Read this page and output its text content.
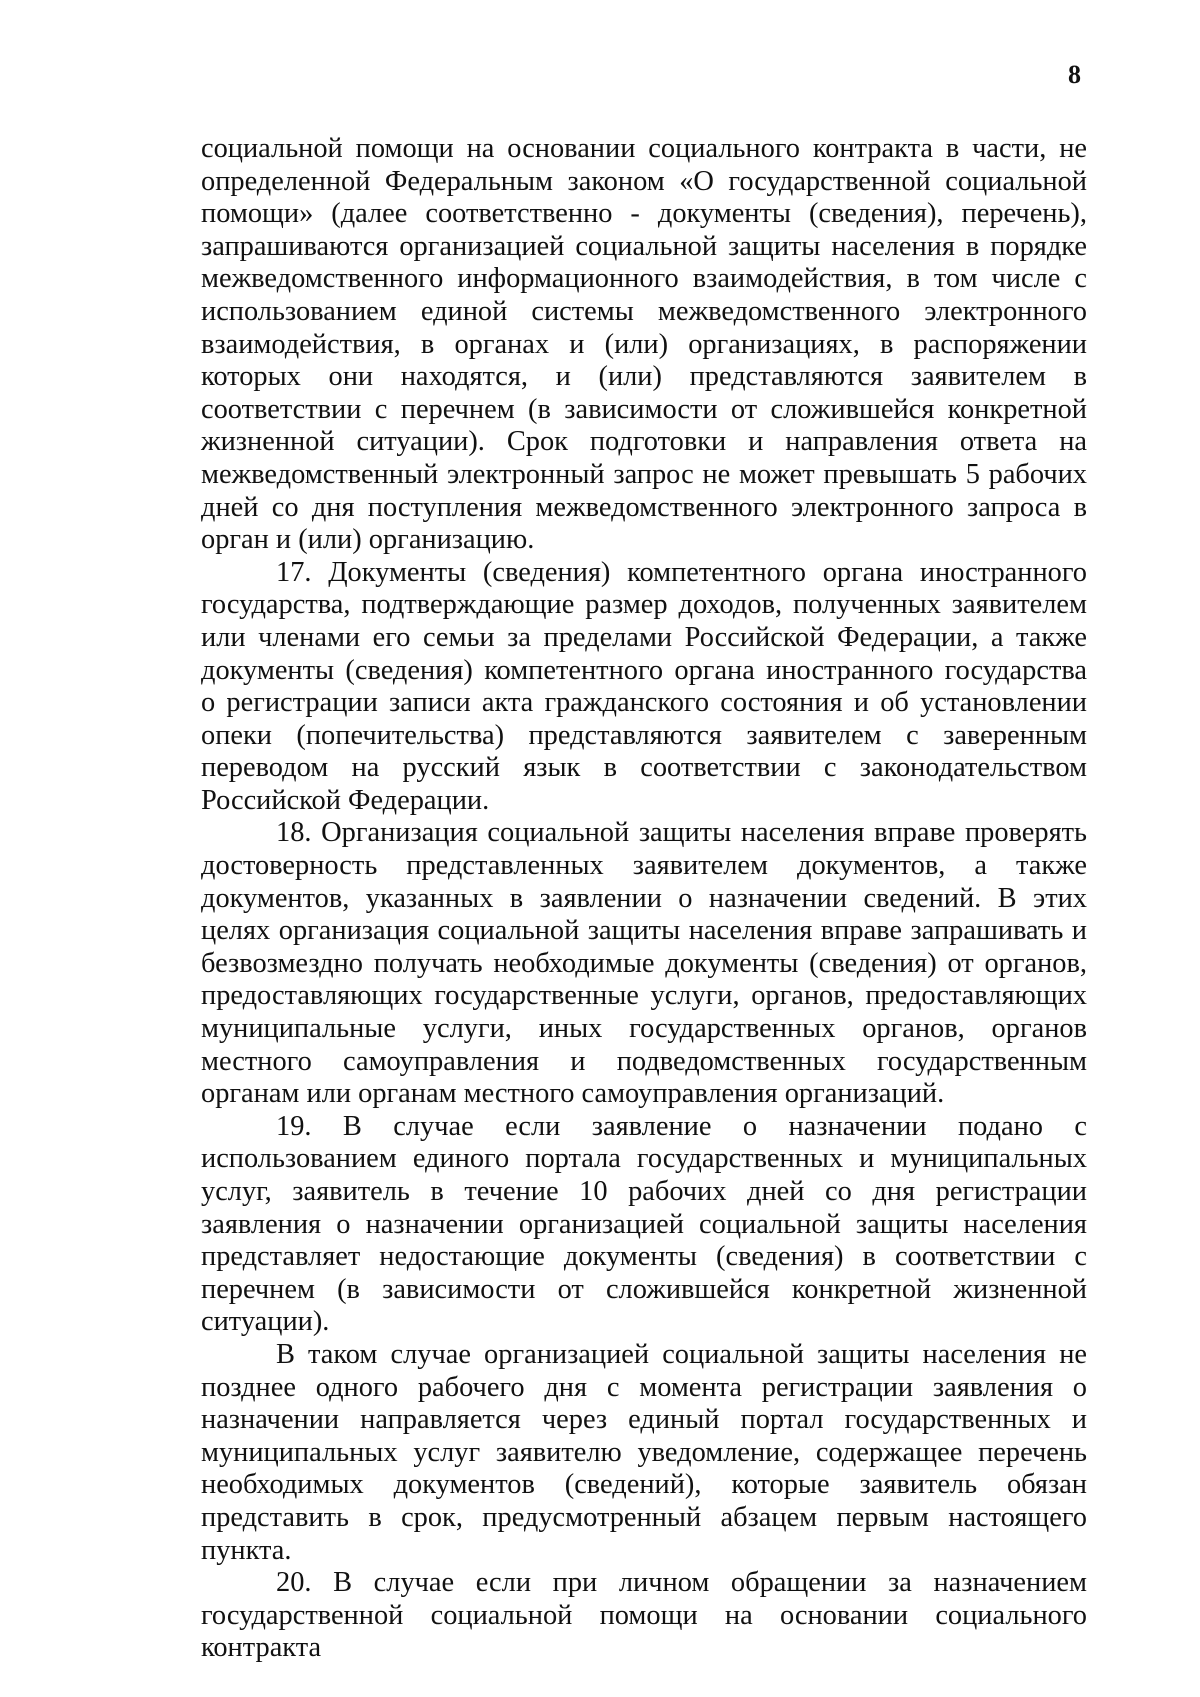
8

социальной помощи на основании социального контракта в части, не определенной Федеральным законом «О государственной социальной помощи» (далее соответственно - документы (сведения), перечень), запрашиваются организацией социальной защиты населения в порядке межведомственного информационного взаимодействия, в том числе с использованием единой системы межведомственного электронного взаимодействия, в органах и (или) организациях, в распоряжении которых они находятся, и (или) представляются заявителем в соответствии с перечнем (в зависимости от сложившейся конкретной жизненной ситуации). Срок подготовки и направления ответа на межведомственный электронный запрос не может превышать 5 рабочих дней со дня поступления межведомственного электронного запроса в орган и (или) организацию.

17. Документы (сведения) компетентного органа иностранного государства, подтверждающие размер доходов, полученных заявителем или членами его семьи за пределами Российской Федерации, а также документы (сведения) компетентного органа иностранного государства о регистрации записи акта гражданского состояния и об установлении опеки (попечительства) представляются заявителем с заверенным переводом на русский язык в соответствии с законодательством Российской Федерации.

18. Организация социальной защиты населения вправе проверять достоверность представленных заявителем документов, а также документов, указанных в заявлении о назначении сведений. В этих целях организация социальной защиты населения вправе запрашивать и безвозмездно получать необходимые документы (сведения) от органов, предоставляющих государственные услуги, органов, предоставляющих муниципальные услуги, иных государственных органов, органов местного самоуправления и подведомственных государственным органам или органам местного самоуправления организаций.

19. В случае если заявление о назначении подано с использованием единого портала государственных и муниципальных услуг, заявитель в течение 10 рабочих дней со дня регистрации заявления о назначении организацией социальной защиты населения представляет недостающие документы (сведения) в соответствии с перечнем (в зависимости от сложившейся конкретной жизненной ситуации).

В таком случае организацией социальной защиты населения не позднее одного рабочего дня с момента регистрации заявления о назначении направляется через единый портал государственных и муниципальных услуг заявителю уведомление, содержащее перечень необходимых документов (сведений), которые заявитель обязан представить в срок, предусмотренный абзацем первым настоящего пункта.

20. В случае если при личном обращении за назначением государственной социальной помощи на основании социального контракта
